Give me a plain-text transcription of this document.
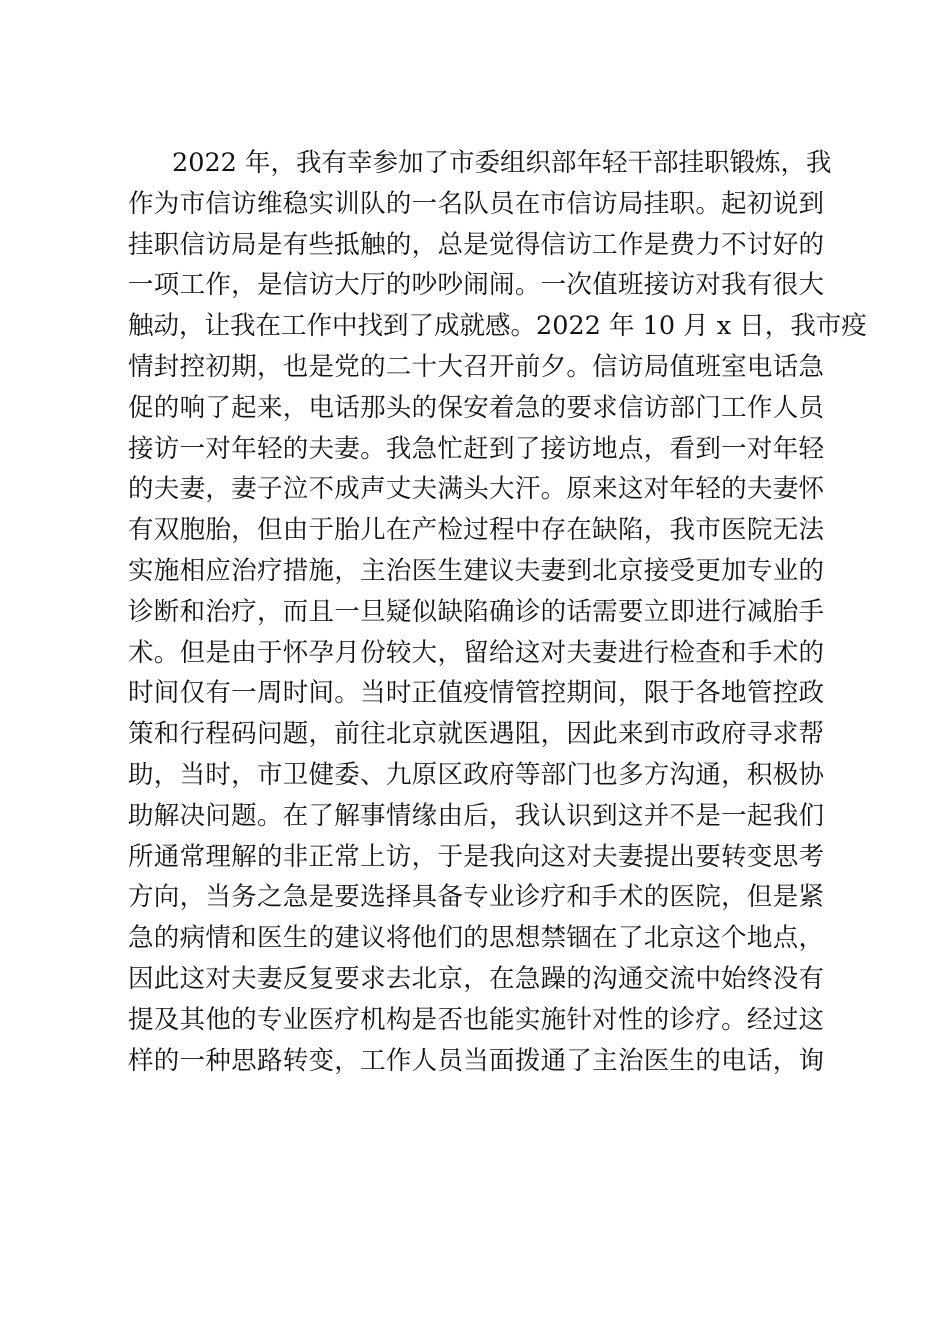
2022 年，我有幸参加了市委组织部年轻干部挂职锻炼，我
作为市信访维稳实训队的一名队员在市信访局挂职。起初说到
挂职信访局是有些抵触的，总是觉得信访工作是费力不讨好的
一项工作，是信访大厅的吵吵闹闹。一次值班接访对我有很大
触动，让我在工作中找到了成就感。2022 年 10 月 x 日，我市疫
情封控初期，也是党的二十大召开前夕。信访局值班室电话急
促的响了起来，电话那头的保安着急的要求信访部门工作人员
接访一对年轻的夫妻。我急忙赶到了接访地点，看到一对年轻
的夫妻，妻子泣不成声丈夫满头大汗。原来这对年轻的夫妻怀
有双胞胎，但由于胎儿在产检过程中存在缺陷，我市医院无法
实施相应治疗措施，主治医生建议夫妻到北京接受更加专业的
诊断和治疗，而且一旦疑似缺陷确诊的话需要立即进行减胎手
术。但是由于怀孕月份较大，留给这对夫妻进行检查和手术的
时间仅有一周时间。当时正值疫情管控期间，限于各地管控政
策和行程码问题，前往北京就医遇阻，因此来到市政府寻求帮
助，当时，市卫健委、九原区政府等部门也多方沟通，积极协
助解决问题。在了解事情缘由后，我认识到这并不是一起我们
所通常理解的非正常上访，于是我向这对夫妻提出要转变思考
方向，当务之急是要选择具备专业诊疗和手术的医院，但是紧
急的病情和医生的建议将他们的思想禁锢在了北京这个地点，
因此这对夫妻反复要求去北京，在急躁的沟通交流中始终没有
提及其他的专业医疗机构是否也能实施针对性的诊疗。经过这
样的一种思路转变，工作人员当面拨通了主治医生的电话，询
